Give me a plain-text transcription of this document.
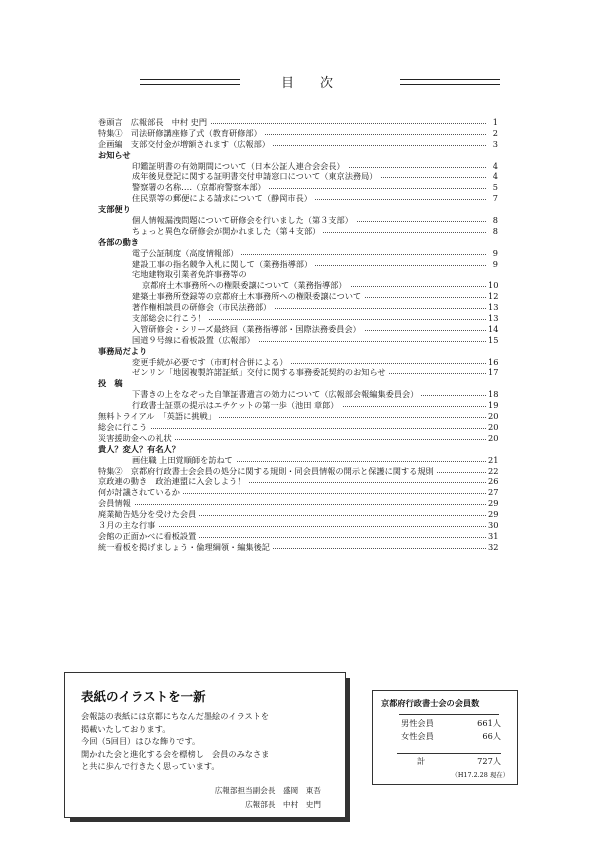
目次
巻頭言　広報部長　中村 史門	1
特集①　司法研修講座修了式（教育研修部）	2
企画編　支部交付金が増額されます（広報部）	3
お知らせ
印鑑証明書の有効期間について（日本公証人連合会会長）	4
成年後見登記に関する証明書交付申請窓口について（東京法務局）	4
警察署の名称‥‥（京都府警察本部）	5
住民票等の郵便による請求について（静岡市長）	7
支部便り
個人情報漏洩問題について研修会を行いました（第３支部）	8
ちょっと異色な研修会が開かれました（第４支部）	8
各部の動き
電子公証制度（高度情報部）	9
建設工事の指名競争入札に関して（業務指導部）	9
宅地建物取引業者免許事務等の
京都府土木事務所への権限委譲について（業務指導部）	10
建築士事務所登録等の京都府土木事務所への権限委譲について	12
著作権相談員の研修会（市民法務部）	13
支部総会に行こう！	13
入管研修会・シリーズ最終回（業務指導部・国際法務委員会）	14
国道９号線に看板設置（広報部）	15
事務局だより
変更手続が必要です（市町村合併による）	16
ゼンリン「地図複製許諾証紙」交付に関する事務委託契約のお知らせ	17
投　稿
下書きの上をなぞった自筆証書遺言の効力について（広報部会報編集委員会）	18
行政書士証票の提示はエチケットの第一歩（池田 章郎）	19
無料トライアル　「英語に挑戦」	20
総会に行こう	20
災害援助金への礼状	20
貴人？変人？有名人？
画住職 上田覚順師を訪ねて	21
特集②　京都府行政書士会会員の処分に関する規則・同会員情報の開示と保護に関する規則	22
京政連の動き　政治連盟に入会しよう！	26
何が討議されているか	27
会員情報	29
廃業勧告処分を受けた会員	29
３月の主な行事	30
会館の正面かべに看板設置	31
統一看板を掲げましょう・倫理綱領・編集後記	32
表紙のイラストを一新
会報誌の表紙には京都にちなんだ墨絵のイラストを
掲載いたしております。
今回（5回目）はひな飾りです。
開かれた会と進化する会を標榜し　会員のみなさま
と共に歩んで行きたく思っています。
広報部担当副会長　盛岡　東吾
広報部長　中村　史門
京都府行政書士会の会員数
男性会員	661人
女性会員	66人
計	727人
（H17.2.28 現在）
